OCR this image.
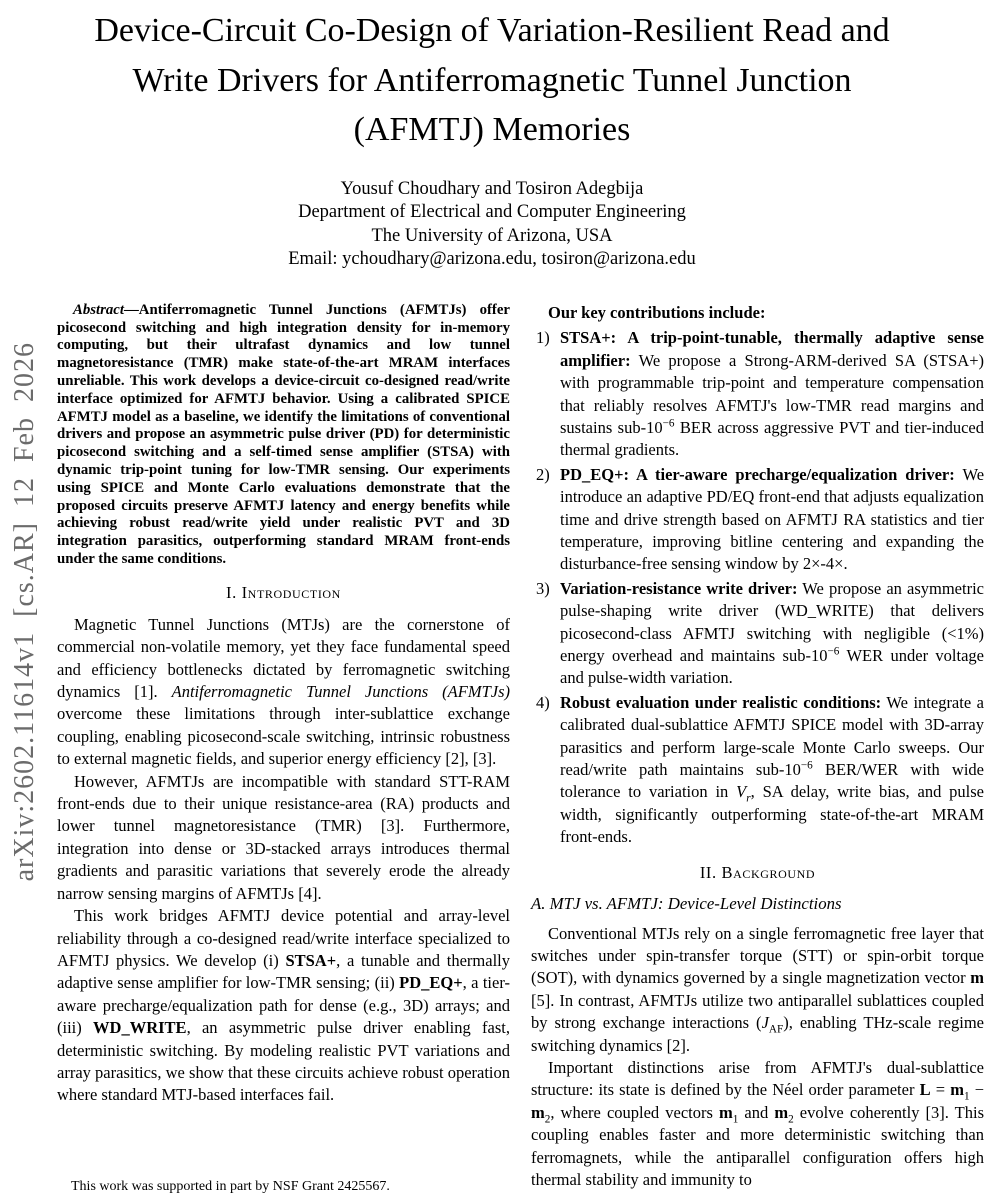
arXiv:2602.11614v1 [cs.AR] 12 Feb 2026
Device-Circuit Co-Design of Variation-Resilient Read and Write Drivers for Antiferromagnetic Tunnel Junction (AFMTJ) Memories
Yousuf Choudhary and Tosiron Adegbija
Department of Electrical and Computer Engineering
The University of Arizona, USA
Email: ychoudhary@arizona.edu, tosiron@arizona.edu

Abstract—Antiferromagnetic Tunnel Junctions (AFMTJs) offer picosecond switching and high integration density for in-memory computing, but their ultrafast dynamics and low tunnel magnetoresistance (TMR) make state-of-the-art MRAM interfaces unreliable. This work develops a device-circuit co-designed read/write interface optimized for AFMTJ behavior. Using a calibrated SPICE AFMTJ model as a baseline, we identify the limitations of conventional drivers and propose an asymmetric pulse driver (PD) for deterministic picosecond switching and a self-timed sense amplifier (STSA) with dynamic trip-point tuning for low-TMR sensing. Our experiments using SPICE and Monte Carlo evaluations demonstrate that the proposed circuits preserve AFMTJ latency and energy benefits while achieving robust read/write yield under realistic PVT and 3D integration parasitics, outperforming standard MRAM front-ends under the same conditions.

I. Introduction

Magnetic Tunnel Junctions (MTJs) are the cornerstone of commercial non-volatile memory, yet they face fundamental speed and efficiency bottlenecks dictated by ferromagnetic switching dynamics [1]. Antiferromagnetic Tunnel Junctions (AFMTJs) overcome these limitations through inter-sublattice exchange coupling, enabling picosecond-scale switching, intrinsic robustness to external magnetic fields, and superior energy efficiency [2], [3].

However, AFMTJs are incompatible with standard STT-RAM front-ends due to their unique resistance-area (RA) products and lower tunnel magnetoresistance (TMR) [3]. Furthermore, integration into dense or 3D-stacked arrays introduces thermal gradients and parasitic variations that severely erode the already narrow sensing margins of AFMTJs [4].

This work bridges AFMTJ device potential and array-level reliability through a co-designed read/write interface specialized to AFMTJ physics. We develop (i) STSA+, a tunable and thermally adaptive sense amplifier for low-TMR sensing; (ii) PD_EQ+, a tier-aware precharge/equalization path for dense (e.g., 3D) arrays; and (iii) WD_WRITE, an asymmetric pulse driver enabling fast, deterministic switching. By modeling realistic PVT variations and array parasitics, we show that these circuits achieve robust operation where standard MTJ-based interfaces fail.

Our key contributions include:

1) STSA+: A trip-point-tunable, thermally adaptive sense amplifier: We propose a Strong-ARM-derived SA (STSA+) with programmable trip-point and temperature compensation that reliably resolves AFMTJ's low-TMR read margins and sustains sub-$10^{-6}$ BER across aggressive PVT and tier-induced thermal gradients.
2) PD_EQ+: A tier-aware precharge/equalization driver: We introduce an adaptive PD/EQ front-end that adjusts equalization time and drive strength based on AFMTJ RA statistics and tier temperature, improving bitline centering and expanding the disturbance-free sensing window by 2×-4×.
3) Variation-resistance write driver: We propose an asymmetric pulse-shaping write driver (WD_WRITE) that delivers picosecond-class AFMTJ switching with negligible (<1%) energy overhead and maintains sub-$10^{-6}$ WER under voltage and pulse-width variation.
4) Robust evaluation under realistic conditions: We integrate a calibrated dual-sublattice AFMTJ SPICE model with 3D-array parasitics and perform large-scale Monte Carlo sweeps. Our read/write path maintains sub-$10^{-6}$ BER/WER with wide tolerance to variation in $V_r$, SA delay, write bias, and pulse width, significantly outperforming state-of-the-art MRAM front-ends.
II. Background
A. MTJ vs. AFMTJ: Device-Level Distinctions

Conventional MTJs rely on a single ferromagnetic free layer that switches under spin-transfer torque (STT) or spin-orbit torque (SOT), with dynamics governed by a single magnetization vector m [5]. In contrast, AFMTJs utilize two antiparallel sublattices coupled by strong exchange interactions $(J_{AF})$, enabling THz-scale regime switching dynamics [2].

Important distinctions arise from AFMTJ's dual-sublattice structure: its state is defined by the Néel order parameter $L = m_1 - m_2$, where coupled vectors $m_1$ and $m_2$ evolve coherently [3]. This coupling enables faster and more deterministic switching than ferromagnets, while the antiparallel configuration offers high thermal stability and immunity to

This work was supported in part by NSF Grant 2425567.
